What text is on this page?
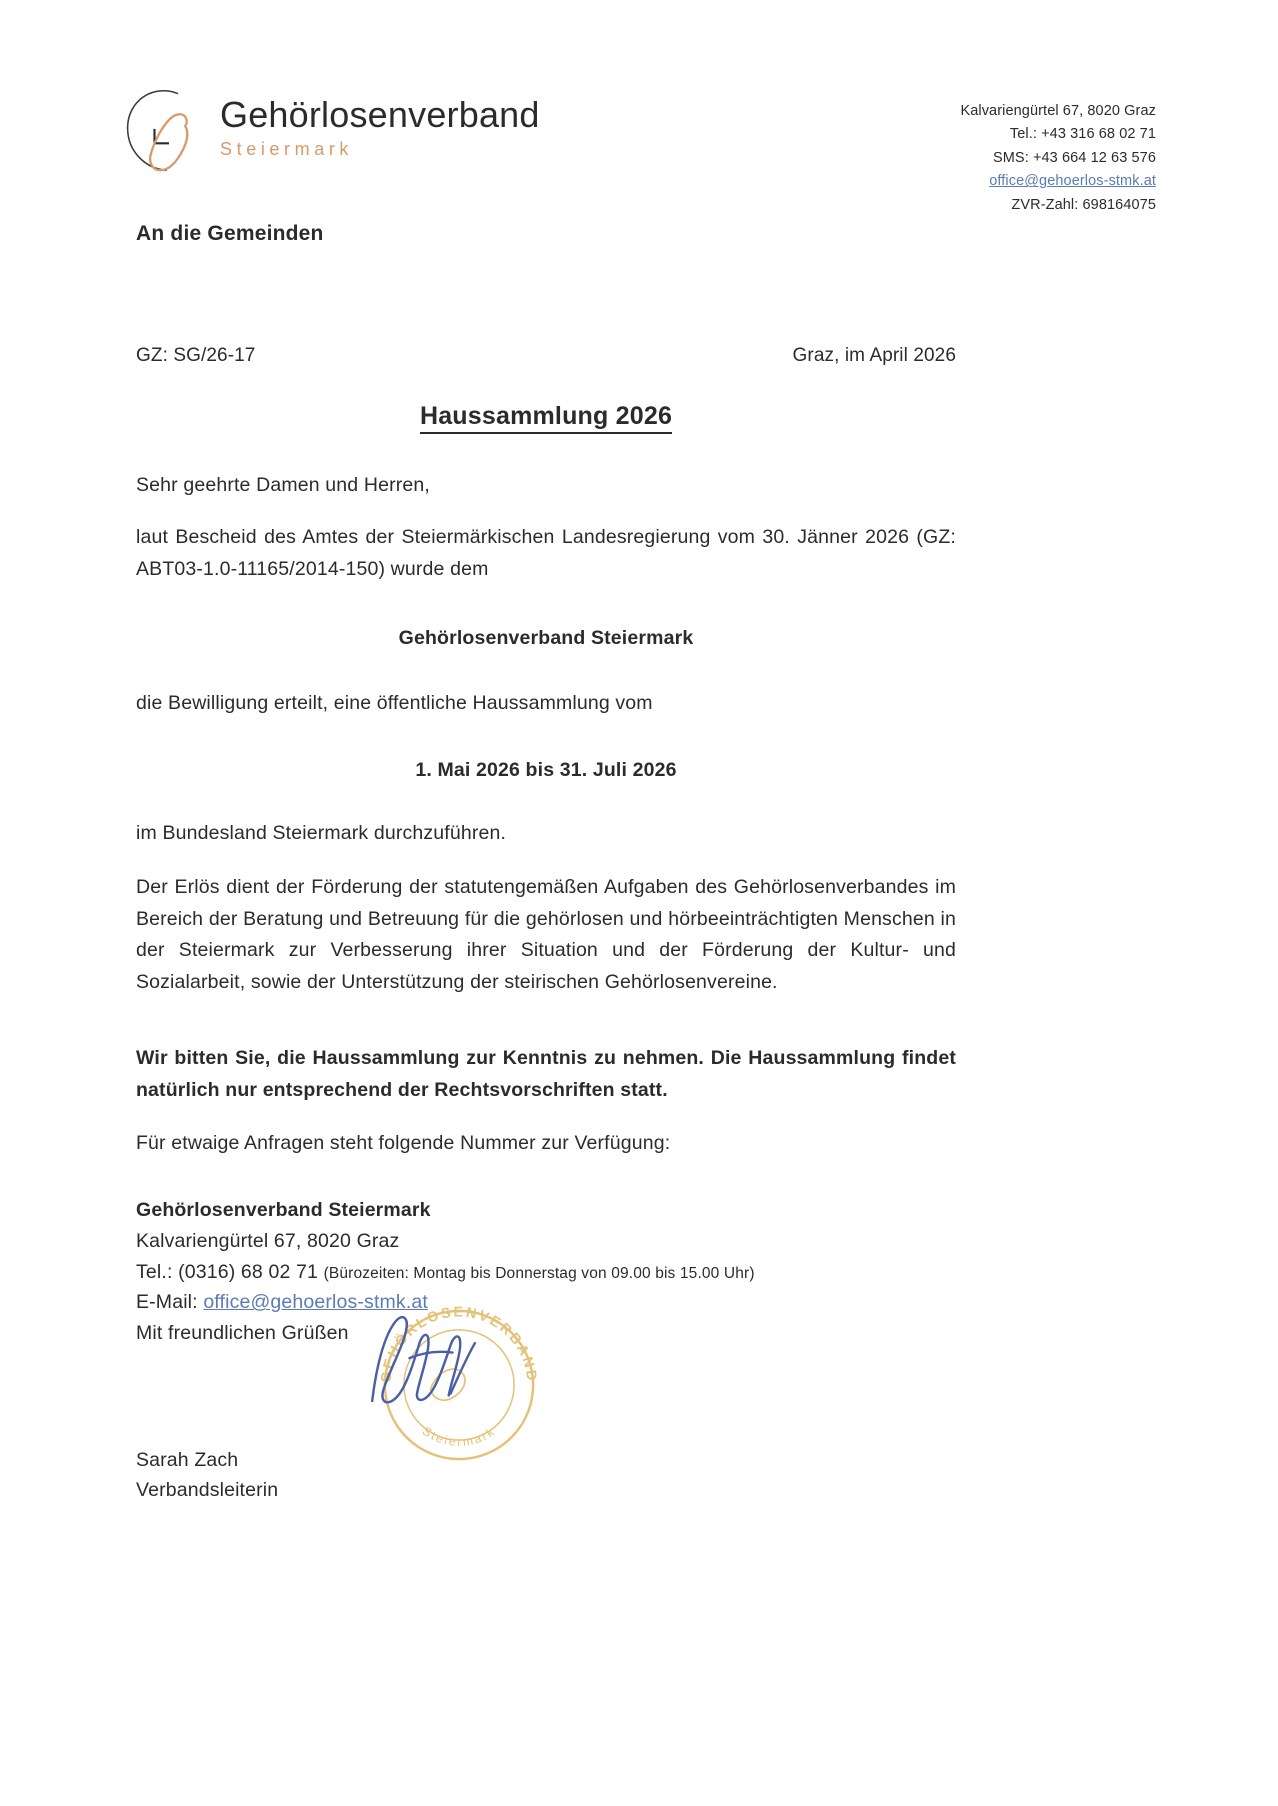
Gehörlosenverband
Steiermark
Kalvariengürtel 67, 8020 Graz
Tel.: +43 316 68 02 71
SMS: +43 664 12 63 576
office@gehoerlos-stmk.at
ZVR-Zahl: 698164075
An die Gemeinden
GZ: SG/26-17	Graz, im April 2026
Haussammlung 2026

Sehr geehrte Damen und Herren,

laut Bescheid des Amtes der Steiermärkischen Landesregierung vom 30. Jänner 2026 (GZ: ABT03-1.0-11165/2014-150) wurde dem

Gehörlosenverband Steiermark

die Bewilligung erteilt, eine öffentliche Haussammlung vom

1. Mai 2026 bis 31. Juli 2026

im Bundesland Steiermark durchzuführen.

Der Erlös dient der Förderung der statutengemäßen Aufgaben des Gehörlosenverbandes im Bereich der Beratung und Betreuung für die gehörlosen und hörbeeinträchtigten Menschen in der Steiermark zur Verbesserung ihrer Situation und der Förderung der Kultur- und Sozialarbeit, sowie der Unterstützung der steirischen Gehörlosenvereine.

Wir bitten Sie, die Haussammlung zur Kenntnis zu nehmen. Die Haussammlung findet natürlich nur entsprechend der Rechtsvorschriften statt.

Für etwaige Anfragen steht folgende Nummer zur Verfügung:

Gehörlosenverband Steiermark
Kalvariengürtel 67, 8020 Graz
Tel.: (0316) 68 02 71 (Bürozeiten: Montag bis Donnerstag von 09.00 bis 15.00 Uhr)
E-Mail: office@gehoerlos-stmk.at
Mit freundlichen Grüßen
GEHÖRLOSENVERBAND
Steiermark
Sarah Zach
Verbandsleiterin
